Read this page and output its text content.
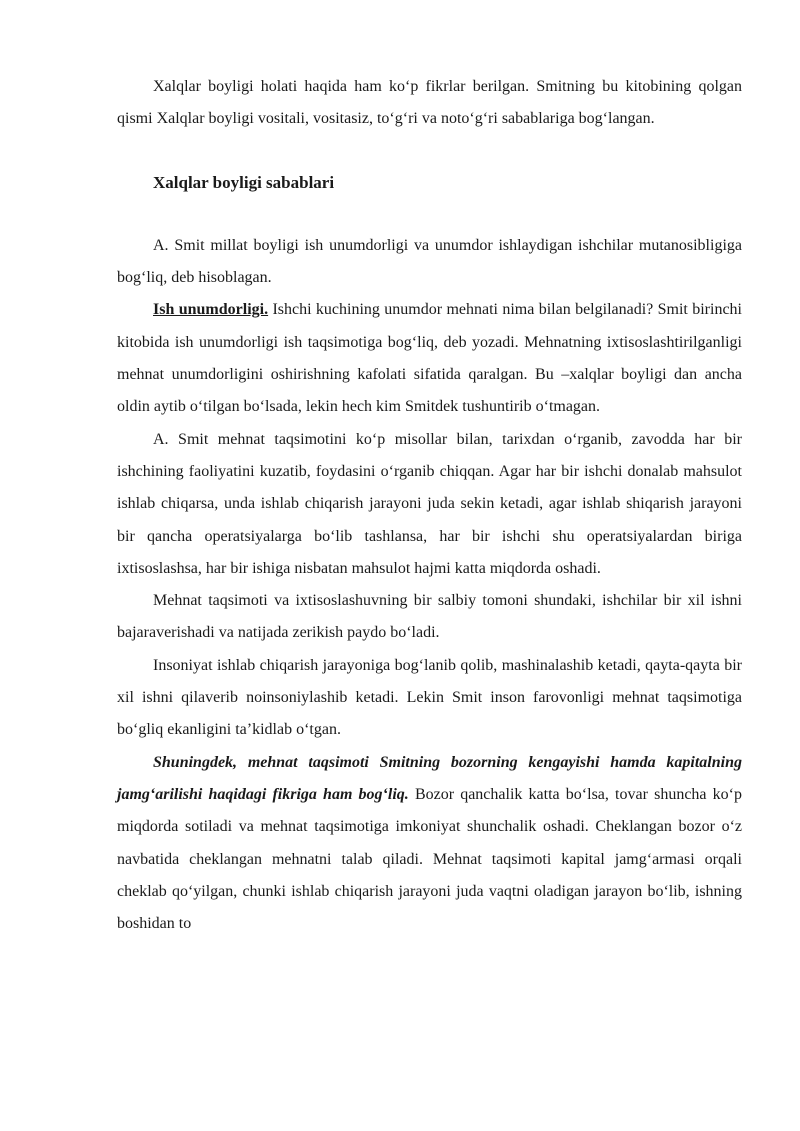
Xalqlar boyligi holati haqida ham ko‘p fikrlar berilgan. Smitning bu kitobining qolgan qismi Xalqlar boyligi vositali, vositasiz, to‘g‘ri va noto‘g‘ri sabablariga bog‘langan.

Xalqlar boyligi sabablari

A. Smit millat boyligi ish unumdorligi va unumdor ishlaydigan ishchilar mutanosibligiga bog‘liq, deb hisoblagan.

Ish unumdorligi. Ishchi kuchining unumdor mehnati nima bilan belgilanadi? Smit birinchi kitobida ish unumdorligi ish taqsimotiga bog‘liq, deb yozadi. Mehnatning ixtisoslashtirilganligi mehnat unumdorligini oshirishning kafolati sifatida qaralgan. Bu –xalqlar boyligi dan ancha oldin aytib o‘tilgan bo‘lsada, lekin hech kim Smitdek tushuntirib o‘tmagan.

A. Smit mehnat taqsimotini ko‘p misollar bilan, tarixdan o‘rganib, zavodda har bir ishchining faoliyatini kuzatib, foydasini o‘rganib chiqqan. Agar har bir ishchi donalab mahsulot ishlab chiqarsa, unda ishlab chiqarish jarayoni juda sekin ketadi, agar ishlab shiqarish jarayoni bir qancha operatsiyalarga bo‘lib tashlansa, har bir ishchi shu operatsiyalardan biriga ixtisoslashsa, har bir ishiga nisbatan mahsulot hajmi katta miqdorda oshadi.

Mehnat taqsimoti va ixtisoslashuvning bir salbiy tomoni shundaki, ishchilar bir xil ishni bajaraverishadi va natijada zerikish paydo bo‘ladi.

Insoniyat ishlab chiqarish jarayoniga bog‘lanib qolib, mashinalashib ketadi, qayta-qayta bir xil ishni qilaverib noinsoniylashib ketadi. Lekin Smit inson farovonligi mehnat taqsimotiga bo‘gliq ekanligini ta’kidlab o‘tgan.

Shuningdek, mehnat taqsimoti Smitning bozorning kengayishi hamda kapitalning jamg‘arilishi haqidagi fikriga ham bog‘liq. Bozor qanchalik katta bo‘lsa, tovar shuncha ko‘p miqdorda sotiladi va mehnat taqsimotiga imkoniyat shunchalik oshadi. Cheklangan bozor o‘z navbatida cheklangan mehnatni talab qiladi. Mehnat taqsimoti kapital jamg‘armasi orqali cheklab qo‘yilgan, chunki ishlab chiqarish jarayoni juda vaqtni oladigan jarayon bo‘lib, ishning boshidan to
